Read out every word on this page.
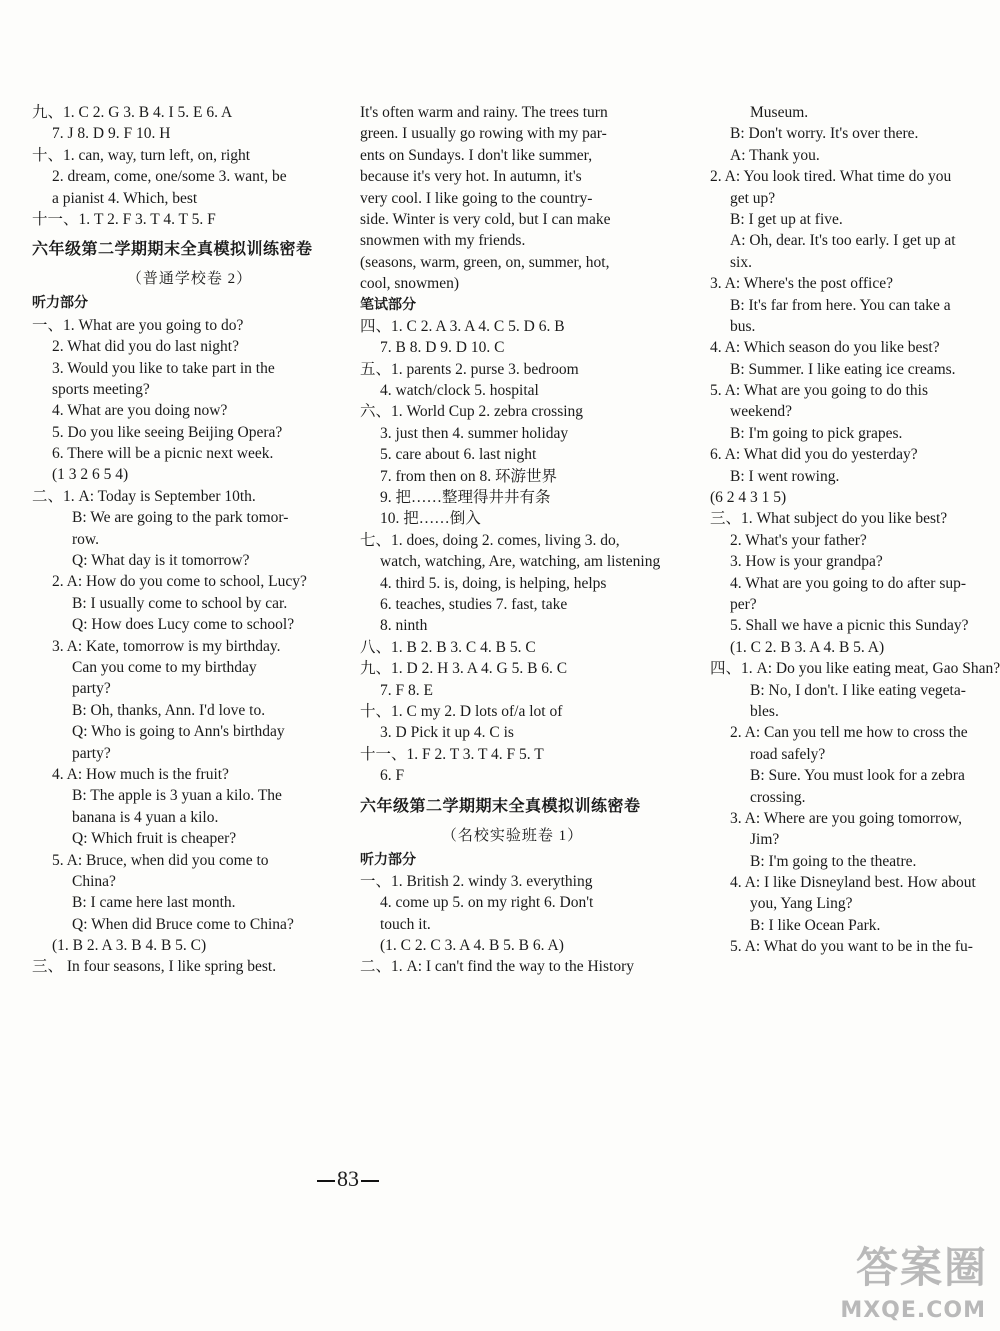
九、1. C 2. G 3. B 4. I 5. E 6. A
7. J 8. D 9. F 10. H
十、1. can, way, turn left, on, right
2. dream, come, one/some 3. want, be
a pianist 4. Which, best
十一、1. T 2. F 3. T 4. T 5. F
六年级第二学期期末全真模拟训练密卷
（普通学校卷 2）
听力部分
一、1. What are you going to do?
2. What did you do last night?
3. Would you like to take part in the
sports meeting?
4. What are you doing now?
5. Do you like seeing Beijing Opera?
6. There will be a picnic next week.
(1 3 2 6 5 4)
二、1. A: Today is September 10th.
B: We are going to the park tomor-
row.
Q: What day is it tomorrow?
2. A: How do you come to school, Lucy?
B: I usually come to school by car.
Q: How does Lucy come to school?
3. A: Kate, tomorrow is my birthday.
Can you come to my birthday
party?
B: Oh, thanks, Ann. I'd love to.
Q: Who is going to Ann's birthday
party?
4. A: How much is the fruit?
B: The apple is 3 yuan a kilo. The
banana is 4 yuan a kilo.
Q: Which fruit is cheaper?
5. A: Bruce, when did you come to
China?
B: I came here last month.
Q: When did Bruce come to China?
(1. B 2. A 3. B 4. B 5. C)
三、 In four seasons, I like spring best.
It's often warm and rainy. The trees turn
green. I usually go rowing with my par-
ents on Sundays. I don't like summer,
because it's very hot. In autumn, it's
very cool. I like going to the country-
side. Winter is very cold, but I can make
snowmen with my friends.
(seasons, warm, green, on, summer, hot,
cool, snowmen)
笔试部分
四、1. C 2. A 3. A 4. C 5. D 6. B
7. B 8. D 9. D 10. C
五、1. parents 2. purse 3. bedroom
4. watch/clock 5. hospital
六、1. World Cup 2. zebra crossing
3. just then 4. summer holiday
5. care about 6. last night
7. from then on 8. 环游世界
9. 把……整理得井井有条
10. 把……倒入
七、1. does, doing 2. comes, living 3. do,
watch, watching, Are, watching, am listening
4. third 5. is, doing, is helping, helps
6. teaches, studies 7. fast, take
8. ninth
八、1. B 2. B 3. C 4. B 5. C
九、1. D 2. H 3. A 4. G 5. B 6. C
7. F 8. E
十、1. C my 2. D lots of/a lot of
3. D Pick it up 4. C is
十一、1. F 2. T 3. T 4. F 5. T
6. F
六年级第二学期期末全真模拟训练密卷
（名校实验班卷 1）
听力部分
一、1. British 2. windy 3. everything
4. come up 5. on my right 6. Don't
touch it.
(1. C 2. C 3. A 4. B 5. B 6. A)
二、1. A: I can't find the way to the History
Museum.
B: Don't worry. It's over there.
A: Thank you.
2. A: You look tired. What time do you
get up?
B: I get up at five.
A: Oh, dear. It's too early. I get up at
six.
3. A: Where's the post office?
B: It's far from here. You can take a
bus.
4. A: Which season do you like best?
B: Summer. I like eating ice creams.
5. A: What are you going to do this
weekend?
B: I'm going to pick grapes.
6. A: What did you do yesterday?
B: I went rowing.
(6 2 4 3 1 5)
三、1. What subject do you like best?
2. What's your father?
3. How is your grandpa?
4. What are you going to do after sup-
per?
5. Shall we have a picnic this Sunday?
(1. C 2. B 3. A 4. B 5. A)
四、1. A: Do you like eating meat, Gao Shan?
B: No, I don't. I like eating vegeta-
bles.
2. A: Can you tell me how to cross the
road safely?
B: Sure. You must look for a zebra
crossing.
3. A: Where are you going tomorrow,
Jim?
B: I'm going to the theatre.
4. A: I like Disneyland best. How about
you, Yang Ling?
B: I like Ocean Park.
5. A: What do you want to be in the fu-
83
答案圈
MXQE.COM
